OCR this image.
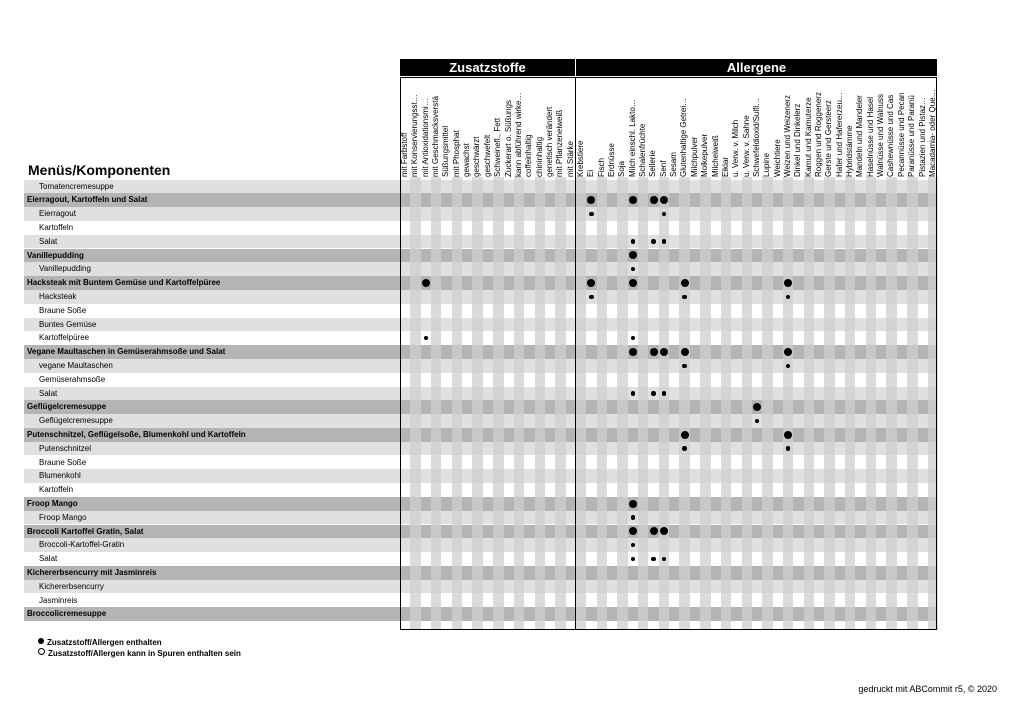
Zusatzstoffe	Allergene
Menüs/Komponenten
Tomatencremesuppe
Eierragout, Kartoffeln und Salat
Eierragout
Kartoffeln
Salat
Vanillepudding
Vanillepudding
Hacksteak mit Buntem Gemüse und Kartoffelpüree
Hacksteak
Braune Soße
Buntes Gemüse
Kartoffelpüree
Vegane Maultaschen in Gemüserahmsoße und Salat
vegane Maultaschen
Gemüserahmsoße
Salat
Geflügelcremesuppe
Geflügelcremesuppe
Putenschnitzel, Geflügelsoße, Blumenkohl und Kartoffeln
Putenschnitzel
Braune Soße
Blumenkohl
Kartoffeln
Froop Mango
Froop Mango
Broccoli Kartoffel Gratin, Salat
Broccoli-Kartoffel-Gratin
Salat
Kichererbsencurry mit Jasminreis
Kichererbsencurry
Jasminreis
Broccolicremesuppe
mit Farbstoff mit Konservierungsst… mit Antioxidationsmi… mit Geschmacksverstä Süßungsmittel mit Phosphat gewachst geschwärzt geschwefelt Schweinefl., Fett Zuckerart o. Süßungs kann abführend wirke… coffeinhaltig chininhaltig genetisch verändert mit Pflanzeneiweiß mit Stärke Krebstiere Ei Fisch Erdnüsse Soja Milch einschl. Lakto… Schalenfrüchte Sellerie Senf Sesam Glutenhaltige Getrei… Milchpulver Molkepulver Milcheiweiß Eiklar u. Verw. v. Milch u. Verw. v. Sahne Schwefeldioxid/Sulfi… Lupine Weichtiere Weizen und Weizenerz Dinkel und Dinkelerz Kamut und Kamuterze Roggen und Roggenerz Gerste und Gersteerz Hafer und Hafererzeu… Hybridstämme Mandeln und Mandeler Haselnüsse und Hasel Walnüsse und Walnuss Cashewnüsse und Cas Pecannüsse und Pecan Paranüsse und Paranü Pistazien und Pistaz… Macadamia- oder Que…
Zusatzstoff/Allergen enthalten
Zusatzstoff/Allergen kann in Spuren enthalten sein
gedruckt mit ABCommit r5, © 2020
